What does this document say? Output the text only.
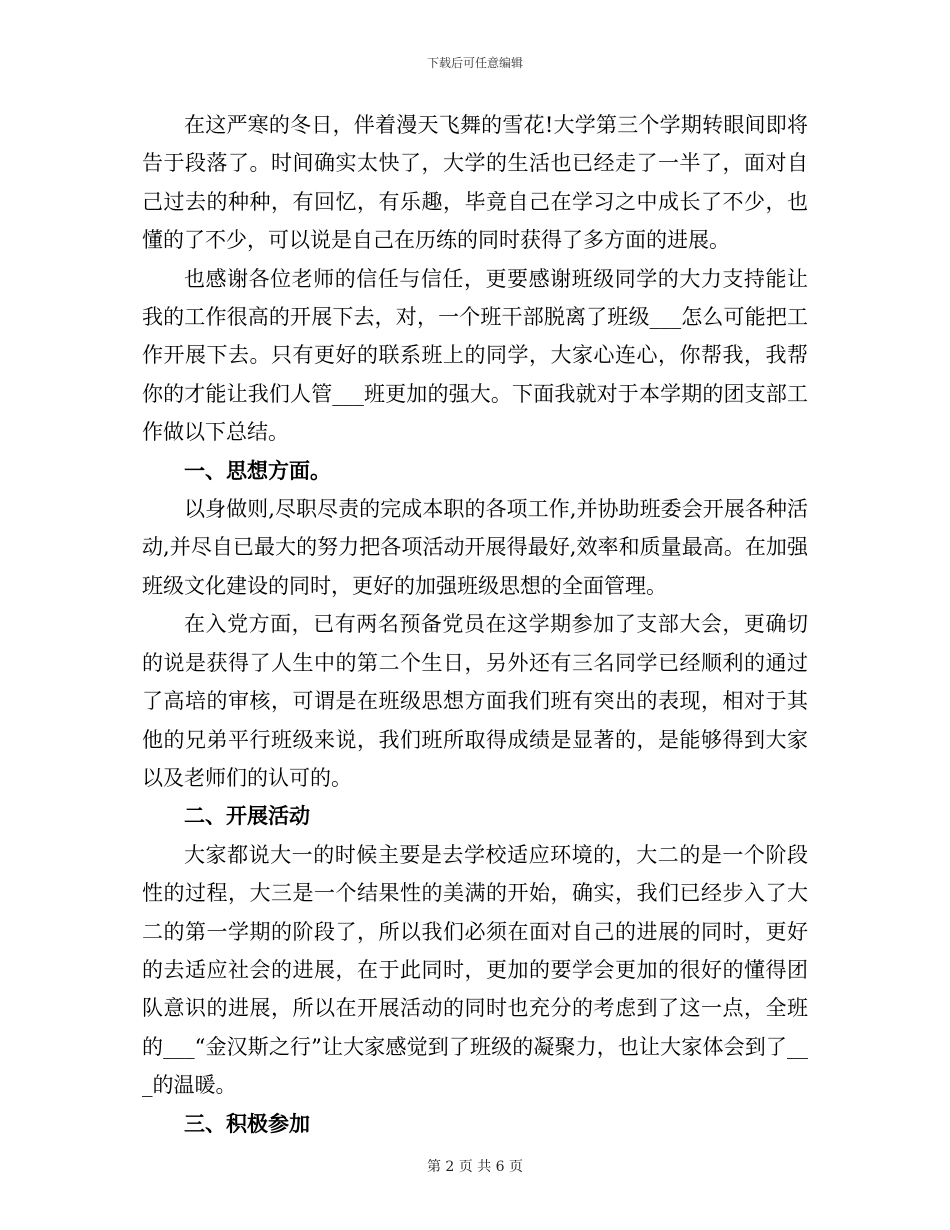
下载后可任意编辑

在这严寒的冬日，伴着漫天飞舞的雪花!大学第三个学期转眼间即将告于段落了。时间确实太快了，大学的生活也已经走了一半了，面对自己过去的种种，有回忆，有乐趣，毕竟自己在学习之中成长了不少，也懂的了不少，可以说是自己在历练的同时获得了多方面的进展。

也感谢各位老师的信任与信任，更要感谢班级同学的大力支持能让我的工作很高的开展下去，对，一个班干部脱离了班级___怎么可能把工作开展下去。只有更好的联系班上的同学，大家心连心，你帮我，我帮你的才能让我们人管___班更加的强大。下面我就对于本学期的团支部工作做以下总结。

一、思想方面。

以身做则,尽职尽责的完成本职的各项工作,并协助班委会开展各种活动,并尽自已最大的努力把各项活动开展得最好,效率和质量最高。在加强班级文化建设的同时，更好的加强班级思想的全面管理。

在入党方面，已有两名预备党员在这学期参加了支部大会，更确切的说是获得了人生中的第二个生日，另外还有三名同学已经顺利的通过了高培的审核，可谓是在班级思想方面我们班有突出的表现，相对于其他的兄弟平行班级来说，我们班所取得成绩是显著的，是能够得到大家以及老师们的认可的。

二、开展活动

大家都说大一的时候主要是去学校适应环境的，大二的是一个阶段性的过程，大三是一个结果性的美满的开始，确实，我们已经步入了大二的第一学期的阶段了，所以我们必须在面对自己的进展的同时，更好的去适应社会的进展，在于此同时，更加的要学会更加的很好的懂得团队意识的进展，所以在开展活动的同时也充分的考虑到了这一点，全班的___“金汉斯之行”让大家感觉到了班级的凝聚力，也让大家体会到了___的温暖。

三、积极参加

第 2 页 共 6 页
